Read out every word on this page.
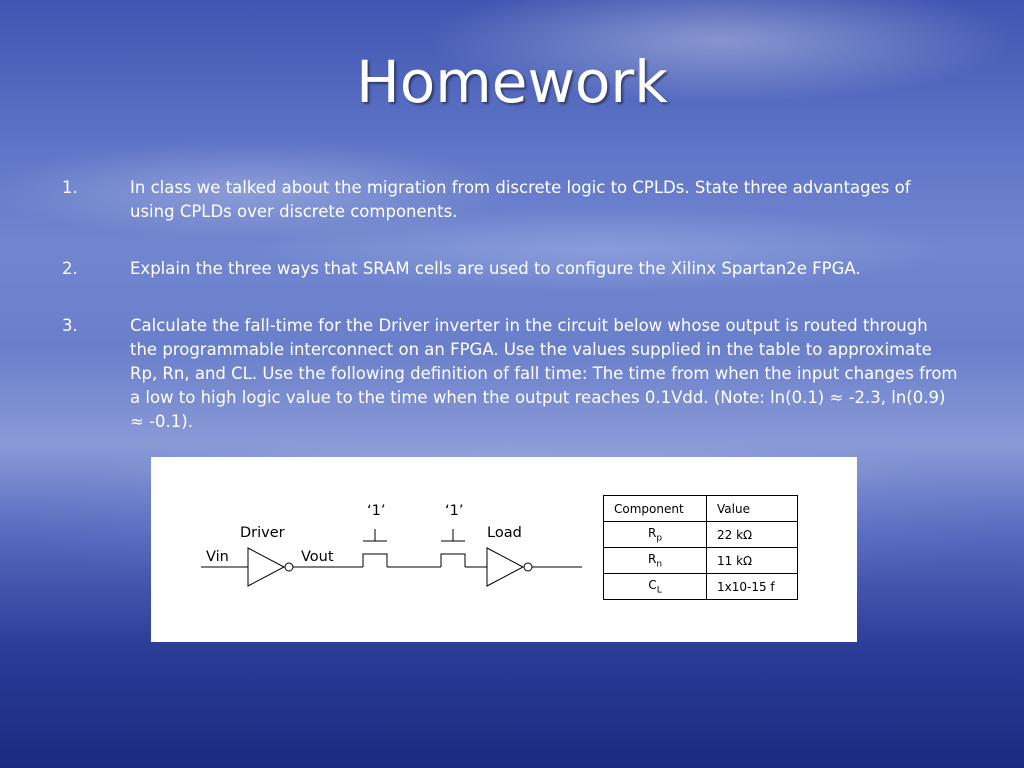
Homework
1.	In class we talked about the migration from discrete logic to CPLDs. State three advantages of using CPLDs over discrete components.
2.	Explain the three ways that SRAM cells are used to configure the Xilinx Spartan2e FPGA.
3.	Calculate the fall-time for the Driver inverter in the circuit below whose output is routed through the programmable interconnect on an FPGA. Use the values supplied in the table to approximate Rp, Rn, and CL. Use the following definition of fall time: The time from when the input changes from a low to high logic value to the time when the output reaches 0.1Vdd. (Note: ln(0.1) ≈ -2.3, ln(0.9) ≈ -0.1).
Driver
Vin	Vout
‘1’	‘1’
Load
Component	Value
$R_p$	22 kΩ
$R_n$	11 kΩ
$C_L$	1x10-15 f
